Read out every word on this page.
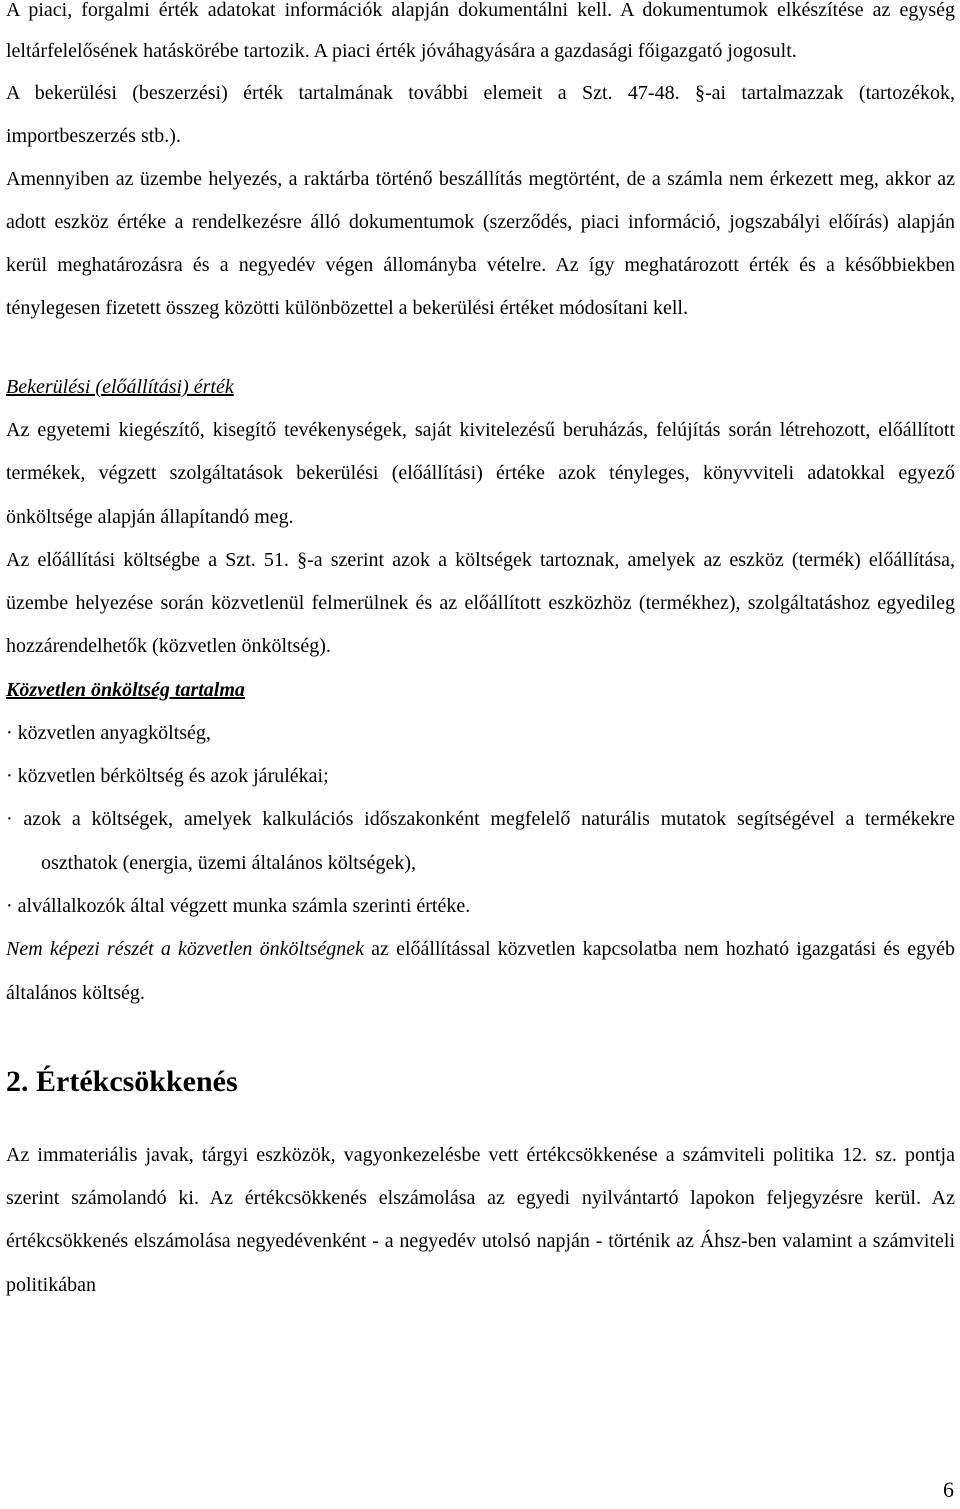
A piaci, forgalmi érték adatokat információk alapján dokumentálni kell. A dokumentumok elkészítése az egység leltárfelelősének hatáskörébe tartozik. A piaci érték jóváhagyására a gazdasági főigazgató jogosult.

A bekerülési (beszerzési) érték tartalmának további elemeit a Szt. 47-48. §-ai tartalmazzak (tartozékok, importbeszerzés stb.).

Amennyiben az üzembe helyezés, a raktárba történő beszállítás megtörtént, de a számla nem érkezett meg, akkor az adott eszköz értéke a rendelkezésre álló dokumentumok (szerződés, piaci információ, jogszabályi előírás) alapján kerül meghatározásra és a negyedév végen állományba vételre. Az így meghatározott érték és a későbbiekben ténylegesen fizetett összeg közötti különbözettel a bekerülési értéket módosítani kell.

Bekerülési (előállítási) érték

Az egyetemi kiegészítő, kisegítő tevékenységek, saját kivitelezésű beruházás, felújítás során létrehozott, előállított termékek, végzett szolgáltatások bekerülési (előállítási) értéke azok tényleges, könyvviteli adatokkal egyező önköltsége alapján állapítandó meg.

Az előállítási költségbe a Szt. 51. §-a szerint azok a költségek tartoznak, amelyek az eszköz (termék) előállítása, üzembe helyezése során közvetlenül felmerülnek és az előállított eszközhöz (termékhez), szolgáltatáshoz egyedileg hozzárendelhetők (közvetlen önköltség).

Közvetlen önköltség tartalma

· közvetlen anyagköltség,

· közvetlen bérköltség és azok járulékai;

· azok a költségek, amelyek kalkulációs időszakonként megfelelő naturális mutatok segítségével a termékekre oszthatok (energia, üzemi általános költségek),

· alvállalkozók által végzett munka számla szerinti értéke.

Nem képezi részét a közvetlen önköltségnek az előállítással közvetlen kapcsolatba nem hozható igazgatási és egyéb általános költség.

2. Értékcsökkenés

Az immateriális javak, tárgyi eszközök, vagyonkezelésbe vett értékcsökkenése a számviteli politika 12. sz. pontja szerint számolandó ki. Az értékcsökkenés elszámolása az egyedi nyilvántartó lapokon feljegyzésre kerül. Az értékcsökkenés elszámolása negyedévenként - a negyedév utolsó napján - történik az Áhsz-ben valamint a számviteli politikában

6
